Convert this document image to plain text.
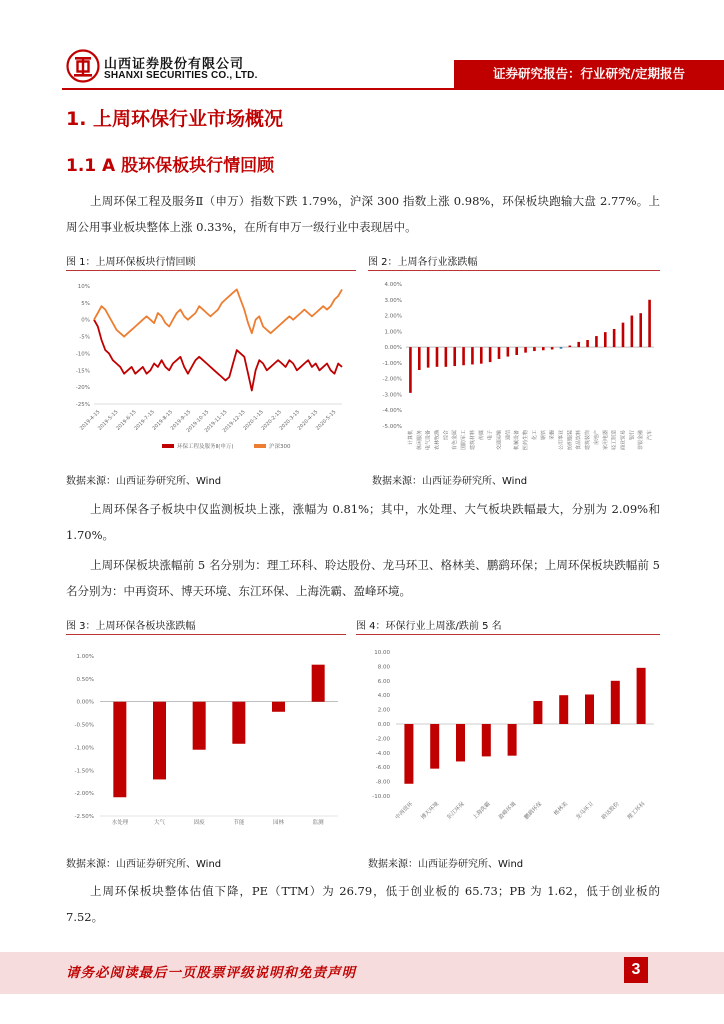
山西证券股份有限公司
SHANXI SECURITIES CO., LTD.	证券研究报告：行业研究/定期报告
1. 上周环保行业市场概况
1.1 A 股环保板块行情回顾

上周环保工程及服务Ⅱ（申万）指数下跌 1.79%，沪深 300 指数上涨 0.98%，环保板块跑输大盘 2.77%。上周公用事业板块整体上涨 0.33%，在所有申万一级行业中表现居中。

图 1：上周环保板块行情回顾	图 2：上周各行业涨跌幅
10%
5%
0%
-5%
-10%
-15%
-20%
-25%
2019-4-15
2019-5-15
2019-6-15
2019-7-15
2019-8-15
2019-9-15
2019-10-15
2019-11-15
2019-12-15
2020-1-15
2020-2-15
2020-3-15
2020-4-15
2020-5-15
环保工程及服务Ⅱ(申万)	沪深300
4.00%
3.00%
2.00%
1.00%
0.00%
-1.00%
-2.00%
-3.00%
-4.00%
-5.00%
计算机 休闲服务 电气设备 农林牧渔 综合 有色金属 国防军工 建筑材料 传媒 电子 交通运输 通信 机械设备 医药生物 化工 钢铁 采掘 公用事业 纺织服装 食品饮料 建筑装饰 房地产 家用电器 轻工制造 商业贸易 银行 非银金融 汽车
数据来源：山西证券研究所、Wind	数据来源：山西证券研究所、Wind

上周环保各子板块中仅监测板块上涨，涨幅为 0.81%；其中，水处理、大气板块跌幅最大，分别为 2.09%和 1.70%。

上周环保板块涨幅前 5 名分别为：理工环科、聆达股份、龙马环卫、格林美、鹏鹞环保；上周环保板块跌幅前 5 名分别为：中再资环、博天环境、东江环保、上海洗霸、盈峰环境。

图 3：上周环保各板块涨跌幅	图 4：环保行业上周涨/跌前 5 名
1.00%
0.50%
0.00%
-0.50%
-1.00%
-1.50%
-2.00%
-2.50%
水处理	大气	固废	节能	园林	监测
10.00
8.00
6.00
4.00
2.00
0.00
-2.00
-4.00
-6.00
-8.00
-10.00
中再资环 博天环境 东江环保 上海洗霸 盈峰环境 鹏鹞环保 格林美 龙马环卫 聆达股份 理工环科
数据来源：山西证券研究所、Wind	数据来源：山西证券研究所、Wind

上周环保板块整体估值下降，PE（TTM）为 26.79，低于创业板的 65.73；PB 为 1.62，低于创业板的 7.52。

请务必阅读最后一页股票评级说明和免责声明	3
